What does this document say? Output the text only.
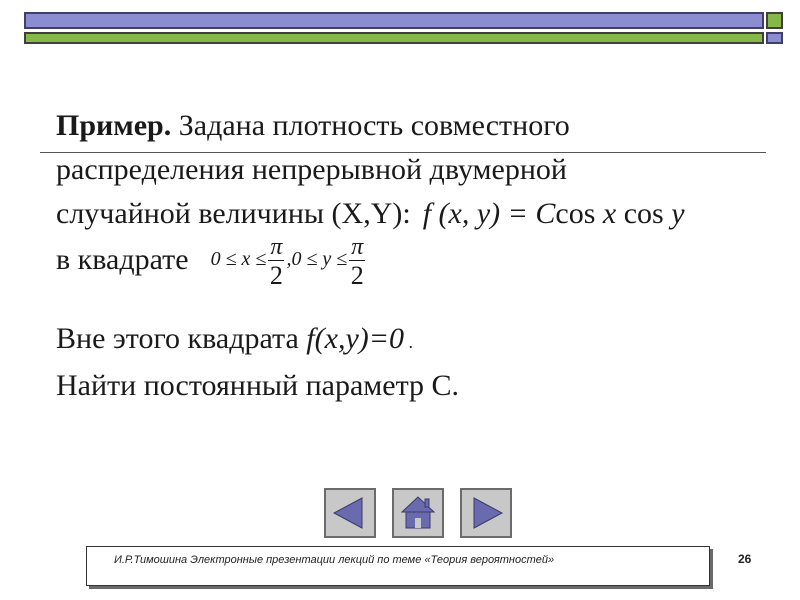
Пример. Задана плотность совместного
распределения непрерывной двумерной
случайной величины (X,Y): f (x, y) = Ccos x cos y
в квадрате $0 \le x \le \frac{\pi}{2} ,0 \le y \le \frac{\pi}{2}$
Вне этого квадрата f(x,y)=0 .
Найти постоянный параметр С.
И.Р.Тимошина Электронные презентации лекций по теме «Теория вероятностей»	26
